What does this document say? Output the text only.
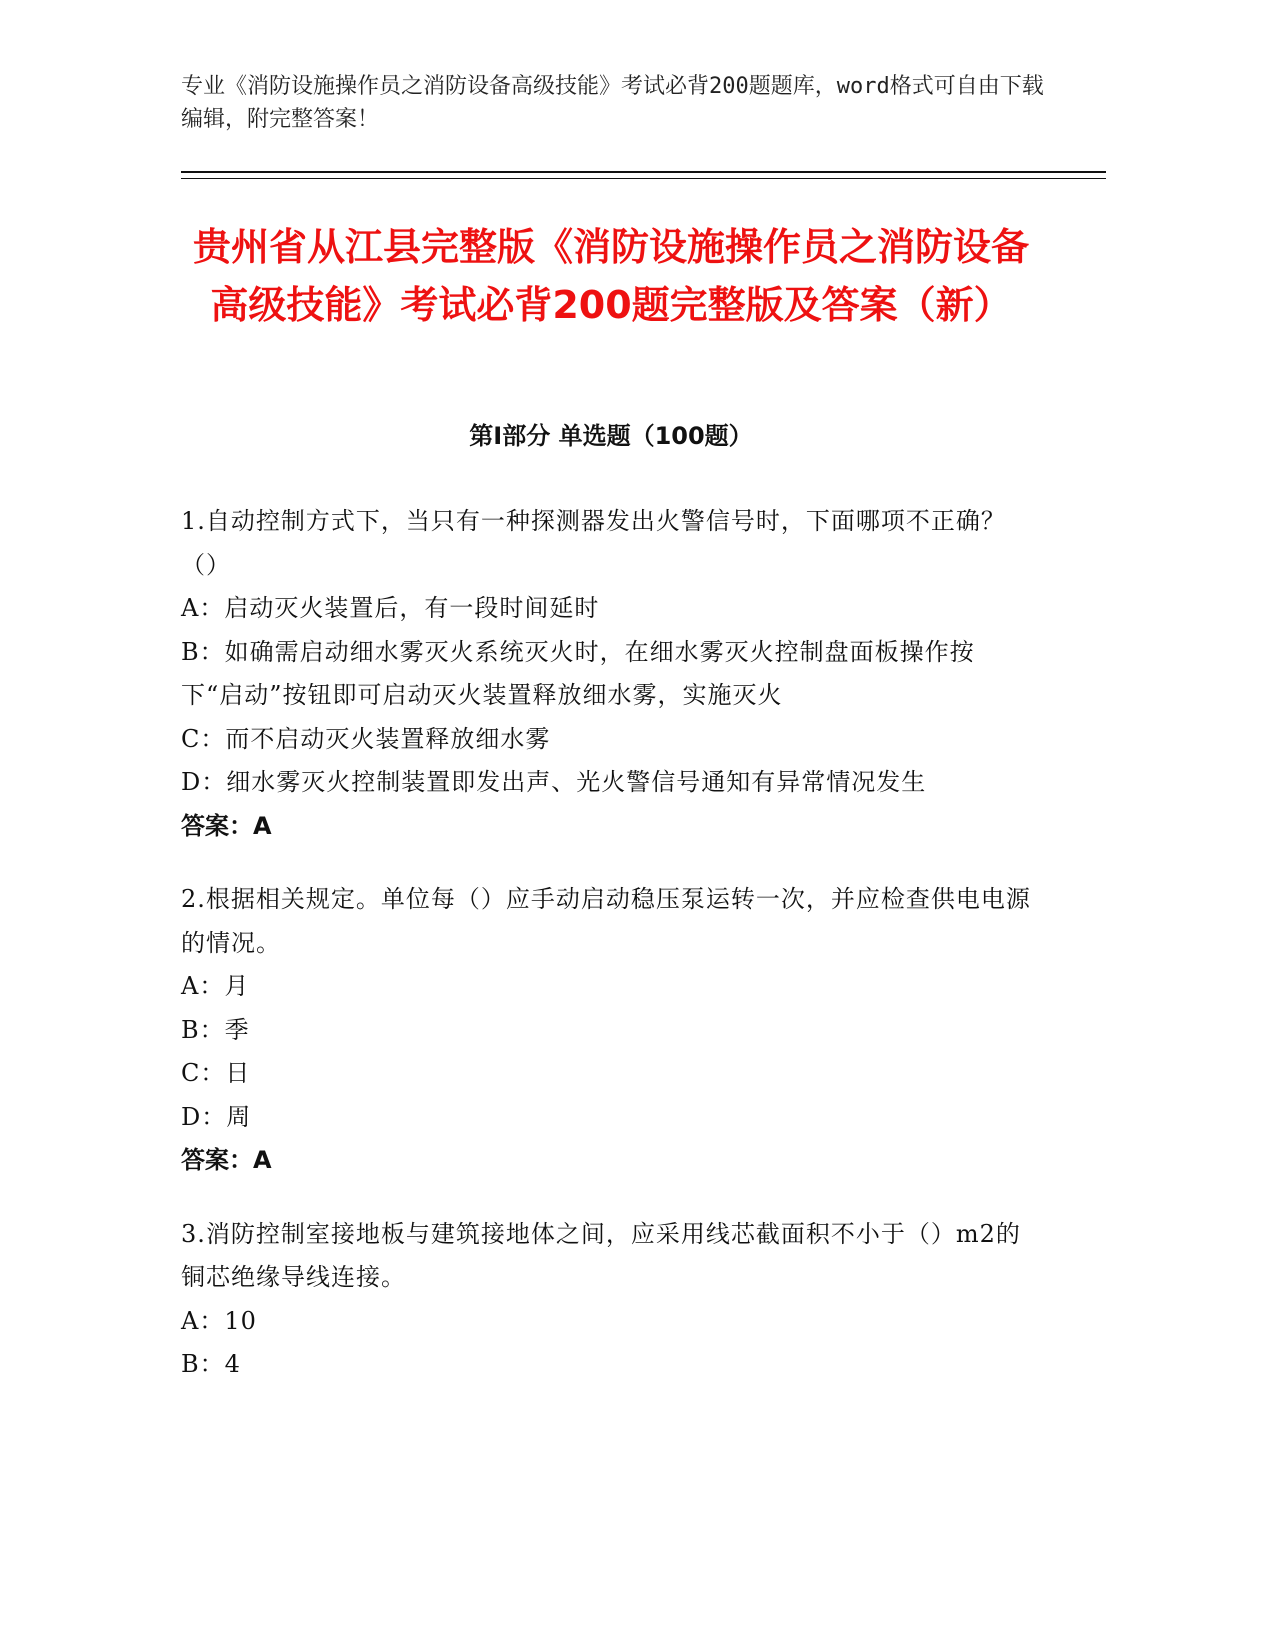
专业《消防设施操作员之消防设备高级技能》考试必背200题题库，word格式可自由下载编辑，附完整答案！
贵州省从江县完整版《消防设施操作员之消防设备高级技能》考试必背200题完整版及答案（新）
第Ⅰ部分 单选题（100题）
1.自动控制方式下，当只有一种探测器发出火警信号时，下面哪项不正确？（）
A：启动灭火装置后，有一段时间延时
B：如确需启动细水雾灭火系统灭火时，在细水雾灭火控制盘面板操作按下“启动”按钮即可启动灭火装置释放细水雾，实施灭火
C：而不启动灭火装置释放细水雾
D：细水雾灭火控制装置即发出声、光火警信号通知有异常情况发生
答案：A
2.根据相关规定。单位每（）应手动启动稳压泵运转一次，并应检查供电电源的情况。
A：月
B：季
C：日
D：周
答案：A
3.消防控制室接地板与建筑接地体之间，应采用线芯截面积不小于（）m2的铜芯绝缘导线连接。
A：10
B：4
